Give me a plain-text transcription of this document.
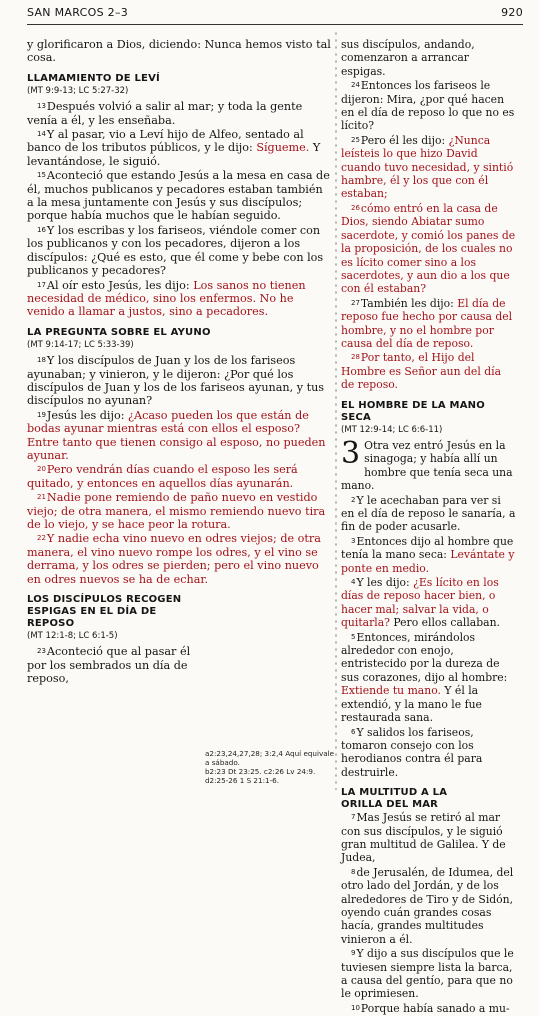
SAN MARCOS 2–3	920

y glorificaron a Dios, diciendo: Nunca hemos visto tal cosa.

LLAMAMIENTO DE LEVÍ
(MT 9:9-13; LC 5:27-32)

13Después volvió a salir al mar; y toda la gente venía a él, y les enseñaba.

14Y al pasar, vio a Leví hijo de Alfeo, sentado al banco de los tributos públicos, y le dijo: Sígueme. Y levantándose, le siguió.

15Aconteció que estando Jesús a la mesa en casa de él, muchos publicanos y pecadores estaban también a la mesa juntamente con Jesús y sus discípulos; porque había muchos que le habían seguido.

16Y los escribas y los fariseos, viéndole comer con los publicanos y con los pecadores, dijeron a los discípulos: ¿Qué es esto, que él come y bebe con los publicanos y pecadores?

17Al oír esto Jesús, les dijo: Los sanos no tienen necesidad de médico, sino los enfermos. No he venido a llamar a justos, sino a pecadores.

LA PREGUNTA SOBRE EL AYUNO
(MT 9:14-17; LC 5:33-39)

18Y los discípulos de Juan y los de los fariseos ayunaban; y vinieron, y le dijeron: ¿Por qué los discípulos de Juan y los de los fariseos ayunan, y tus discípulos no ayunan?

19Jesús les dijo: ¿Acaso pueden los que están de bodas ayunar mientras está con ellos el esposo? Entre tanto que tienen consigo al esposo, no pueden ayunar.

20Pero vendrán días cuando el esposo les será quitado, y entonces en aquellos días ayunarán.

21Nadie pone remiendo de paño nuevo en vestido viejo; de otra manera, el mismo remiendo nuevo tira de lo viejo, y se hace peor la rotura.

22Y nadie echa vino nuevo en odres viejos; de otra manera, el vino nuevo rompe los odres, y el vino se derrama, y los odres se pierden; pero el vino nuevo en odres nuevos se ha de echar.

LOS DISCÍPULOS RECOGEN
ESPIGAS EN EL DÍA DE REPOSO
(MT 12:1-8; LC 6:1-5)

23Aconteció que al pasar él por los sembrados un día de reposo,

a2:23,24,27,28; 3:2,4 Aquí equivale a sábado.
b2:23 Dt 23:25. c2:26 Lv 24:9.
d2:25-26 1 S 21:1-6.

sus discípulos, andando, comenzaron a arrancar espigas.

24Entonces los fariseos le dijeron: Mira, ¿por qué hacen en el día de reposo lo que no es lícito?

25Pero él les dijo: ¿Nunca leísteis lo que hizo David cuando tuvo necesidad, y sintió hambre, él y los que con él estaban;

26cómo entró en la casa de Dios, siendo Abiatar sumo sacerdote, y comió los panes de la proposición, de los cuales no es lícito comer sino a los sacerdotes, y aun dio a los que con él estaban?

27También les dijo: El día de reposo fue hecho por causa del hombre, y no el hombre por causa del día de reposo.

28Por tanto, el Hijo del Hombre es Señor aun del día de reposo.

EL HOMBRE DE LA MANO SECA
(MT 12:9-14; LC 6:6-11)

3 Otra vez entró Jesús en la sinagoga; y había allí un hombre que tenía seca una mano.

2Y le acechaban para ver si en el día de reposo le sanaría, a fin de poder acusarle.

3Entonces dijo al hombre que tenía la mano seca: Levántate y ponte en medio.

4Y les dijo: ¿Es lícito en los días de reposo hacer bien, o hacer mal; salvar la vida, o quitarla? Pero ellos callaban.

5Entonces, mirándolos alrededor con enojo, entristecido por la dureza de sus corazones, dijo al hombre: Extiende tu mano. Y él la extendió, y la mano le fue restaurada sana.

6Y salidos los fariseos, tomaron consejo con los herodianos contra él para destruirle.

LA MULTITUD A LA
ORILLA DEL MAR

7Mas Jesús se retiró al mar con sus discípulos, y le siguió gran multitud de Galilea. Y de Judea,

8de Jerusalén, de Idumea, del otro lado del Jordán, y de los alrededores de Tiro y de Sidón, oyendo cuán grandes cosas hacía, grandes multitudes vinieron a él.

9Y dijo a sus discípulos que le tuviesen siempre lista la barca, a causa del gentío, para que no le oprimiesen.

10Porque había sanado a mu-
